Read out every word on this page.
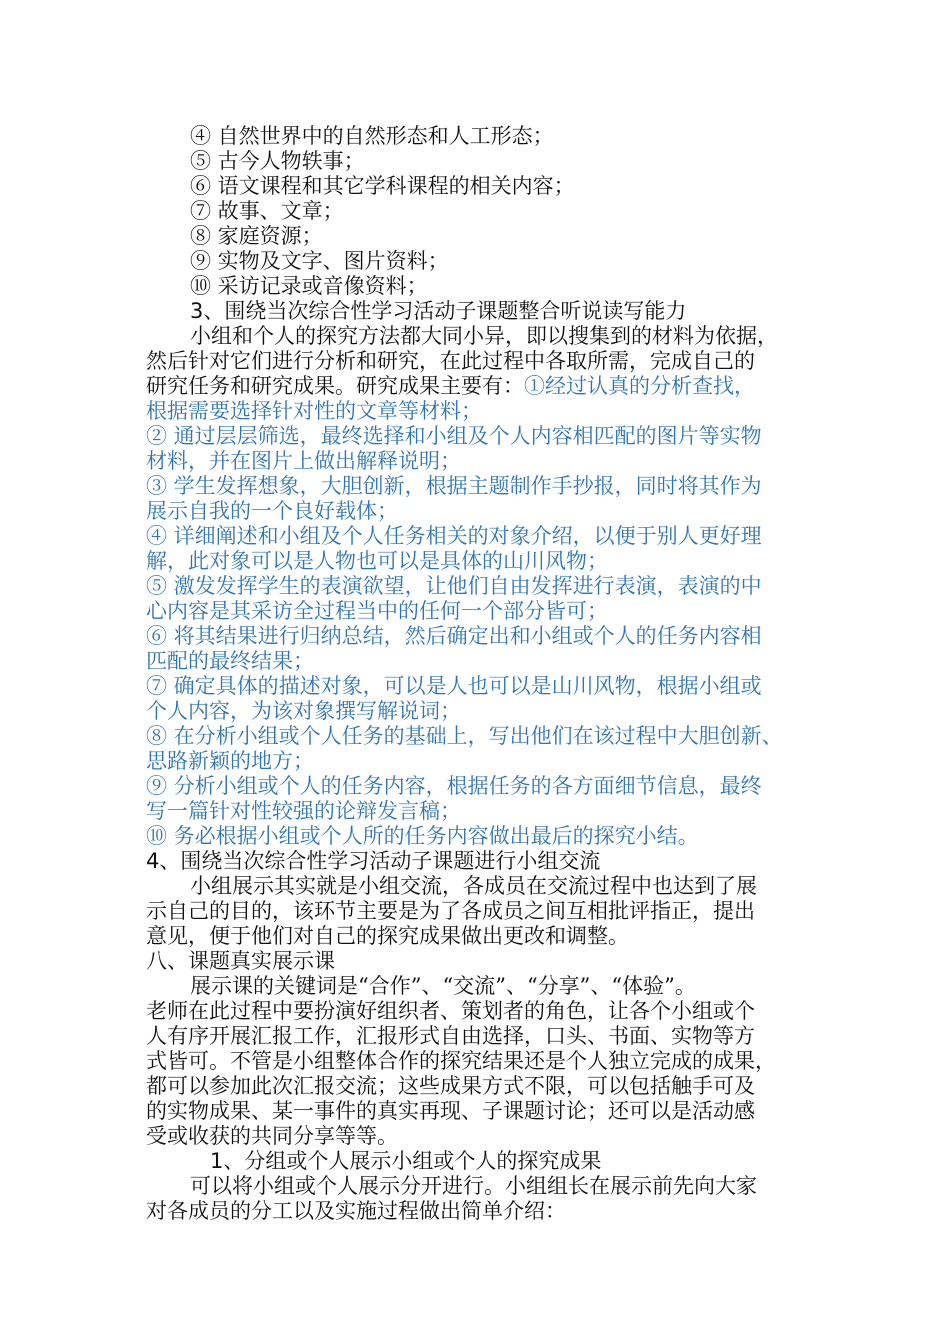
④ 自然世界中的自然形态和人工形态；
⑤ 古今人物轶事；
⑥ 语文课程和其它学科课程的相关内容；
⑦ 故事、文章；
⑧ 家庭资源；
⑨ 实物及文字、图片资料；
⑩ 采访记录或音像资料；
3、围绕当次综合性学习活动子课题整合听说读写能力
小组和个人的探究方法都大同小异，即以搜集到的材料为依据，
然后针对它们进行分析和研究，在此过程中各取所需，完成自己的
研究任务和研究成果。研究成果主要有：①经过认真的分析查找，
根据需要选择针对性的文章等材料；
② 通过层层筛选，最终选择和小组及个人内容相匹配的图片等实物
材料，并在图片上做出解释说明；
③ 学生发挥想象，大胆创新，根据主题制作手抄报，同时将其作为
展示自我的一个良好载体；
④ 详细阐述和小组及个人任务相关的对象介绍，以便于别人更好理
解，此对象可以是人物也可以是具体的山川风物；
⑤ 激发发挥学生的表演欲望，让他们自由发挥进行表演，表演的中
心内容是其采访全过程当中的任何一个部分皆可；
⑥ 将其结果进行归纳总结，然后确定出和小组或个人的任务内容相
匹配的最终结果；
⑦ 确定具体的描述对象，可以是人也可以是山川风物，根据小组或
个人内容，为该对象撰写解说词；
⑧ 在分析小组或个人任务的基础上，写出他们在该过程中大胆创新、
思路新颖的地方；
⑨ 分析小组或个人的任务内容，根据任务的各方面细节信息，最终
写一篇针对性较强的论辩发言稿；
⑩ 务必根据小组或个人所的任务内容做出最后的探究小结。
4、围绕当次综合性学习活动子课题进行小组交流
小组展示其实就是小组交流，各成员在交流过程中也达到了展
示自己的目的，该环节主要是为了各成员之间互相批评指正，提出
意见，便于他们对自己的探究成果做出更改和调整。
八、课题真实展示课
展示课的关键词是“合作”、“交流”、“分享”、“体验”。
老师在此过程中要扮演好组织者、策划者的角色，让各个小组或个
人有序开展汇报工作，汇报形式自由选择，口头、书面、实物等方
式皆可。不管是小组整体合作的探究结果还是个人独立完成的成果，
都可以参加此次汇报交流；这些成果方式不限，可以包括触手可及
的实物成果、某一事件的真实再现、子课题讨论；还可以是活动感
受或收获的共同分享等等。
1、分组或个人展示小组或个人的探究成果
可以将小组或个人展示分开进行。小组组长在展示前先向大家
对各成员的分工以及实施过程做出简单介绍：
